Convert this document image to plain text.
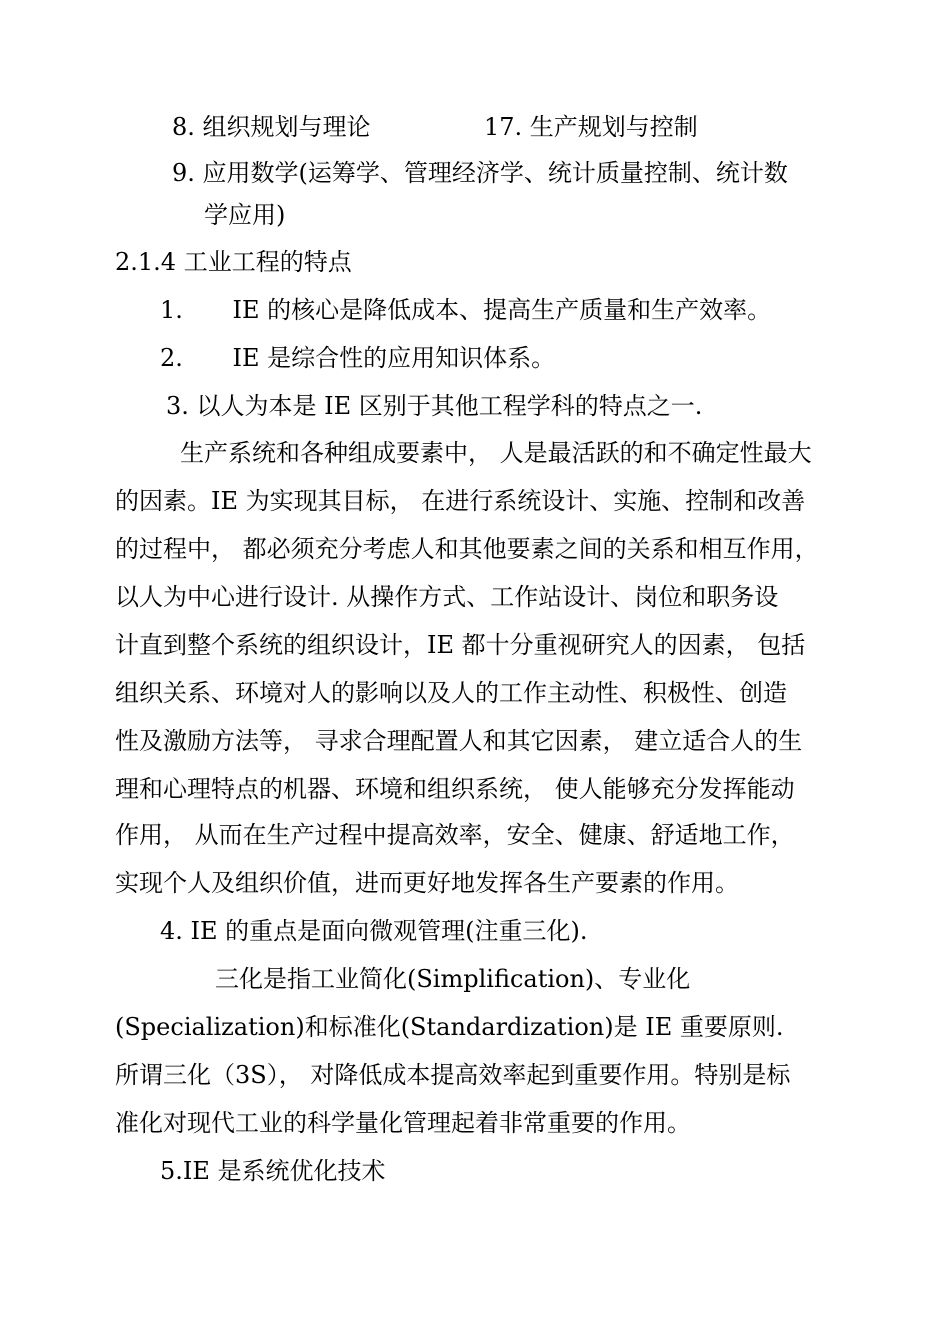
8. 组织规划与理论	17. 生产规划与控制
9. 应用数学(运筹学、管理经济学、统计质量控制、统计数
学应用)
2.1.4 工业工程的特点
1. IE 的核心是降低成本、提高生产质量和生产效率。
2. IE 是综合性的应用知识体系。
3. 以人为本是 IE 区别于其他工程学科的特点之一.
生产系统和各种组成要素中， 人是最活跃的和不确定性最大
的因素。IE 为实现其目标， 在进行系统设计、实施、控制和改善
的过程中， 都必须充分考虑人和其他要素之间的关系和相互作用，
以人为中心进行设计. 从操作方式、工作站设计、岗位和职务设
计直到整个系统的组织设计，IE 都十分重视研究人的因素， 包括
组织关系、环境对人的影响以及人的工作主动性、积极性、创造
性及激励方法等， 寻求合理配置人和其它因素， 建立适合人的生
理和心理特点的机器、环境和组织系统， 使人能够充分发挥能动
作用， 从而在生产过程中提高效率，安全、健康、舒适地工作，
实现个人及组织价值，进而更好地发挥各生产要素的作用。
4. IE 的重点是面向微观管理(注重三化).
三化是指工业简化(Simplification)、专业化
(Specialization)和标准化(Standardization)是 IE 重要原则.
所谓三化（3S）， 对降低成本提高效率起到重要作用。特别是标
准化对现代工业的科学量化管理起着非常重要的作用。
5.IE 是系统优化技术
